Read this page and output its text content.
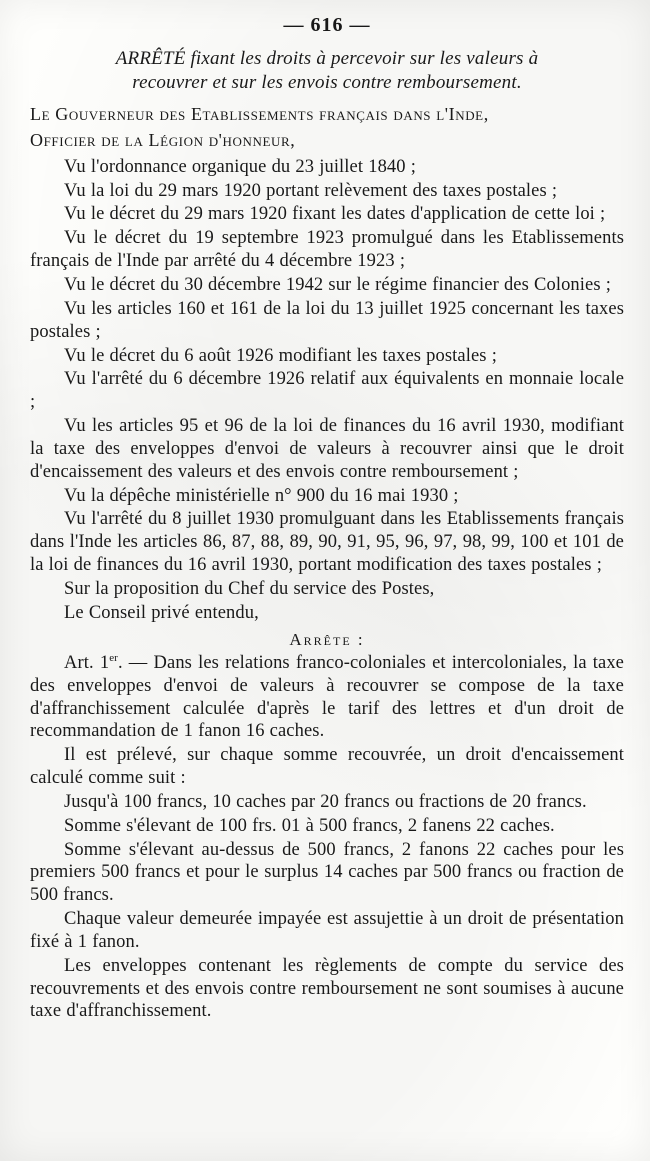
— 616 —
ARRÊTÉ fixant les droits à percevoir sur les valeurs à
recouvrer et sur les envois contre remboursement.
Le Gouverneur des Etablissements français dans l'Inde,
Officier de la Légion d'honneur,

Vu l'ordonnance organique du 23 juillet 1840 ;

Vu la loi du 29 mars 1920 portant relèvement des taxes postales ;

Vu le décret du 29 mars 1920 fixant les dates d'application de cette loi ;

Vu le décret du 19 septembre 1923 promulgué dans les Etablissements français de l'Inde par arrêté du 4 décembre 1923 ;

Vu le décret du 30 décembre 1942 sur le régime financier des Colonies ;

Vu les articles 160 et 161 de la loi du 13 juillet 1925 concernant les taxes postales ;

Vu le décret du 6 août 1926 modifiant les taxes postales ;

Vu l'arrêté du 6 décembre 1926 relatif aux équivalents en monnaie locale ;

Vu les articles 95 et 96 de la loi de finances du 16 avril 1930, modifiant la taxe des enveloppes d'envoi de valeurs à recouvrer ainsi que le droit d'encaissement des valeurs et des envois contre remboursement ;

Vu la dépêche ministérielle n° 900 du 16 mai 1930 ;

Vu l'arrêté du 8 juillet 1930 promulguant dans les Etablissements français dans l'Inde les articles 86, 87, 88, 89, 90, 91, 95, 96, 97, 98, 99, 100 et 101 de la loi de finances du 16 avril 1930, portant modification des taxes postales ;

Sur la proposition du Chef du service des Postes,

Le Conseil privé entendu,

Arrête :

Art. 1er. — Dans les relations franco-coloniales et intercoloniales, la taxe des enveloppes d'envoi de valeurs à recouvrer se compose de la taxe d'affranchissement calculée d'après le tarif des lettres et d'un droit de recommandation de 1 fanon 16 caches.

Il est prélevé, sur chaque somme recouvrée, un droit d'encaissement calculé comme suit :

Jusqu'à 100 francs, 10 caches par 20 francs ou fractions de 20 francs.

Somme s'élevant de 100 frs. 01 à 500 francs, 2 fanens 22 caches.

Somme s'élevant au-dessus de 500 francs, 2 fanons 22 caches pour les premiers 500 francs et pour le surplus 14 caches par 500 francs ou fraction de 500 francs.

Chaque valeur demeurée impayée est assujettie à un droit de présentation fixé à 1 fanon.

Les enveloppes contenant les règlements de compte du service des recouvrements et des envois contre remboursement ne sont soumises à aucune taxe d'affranchissement.
